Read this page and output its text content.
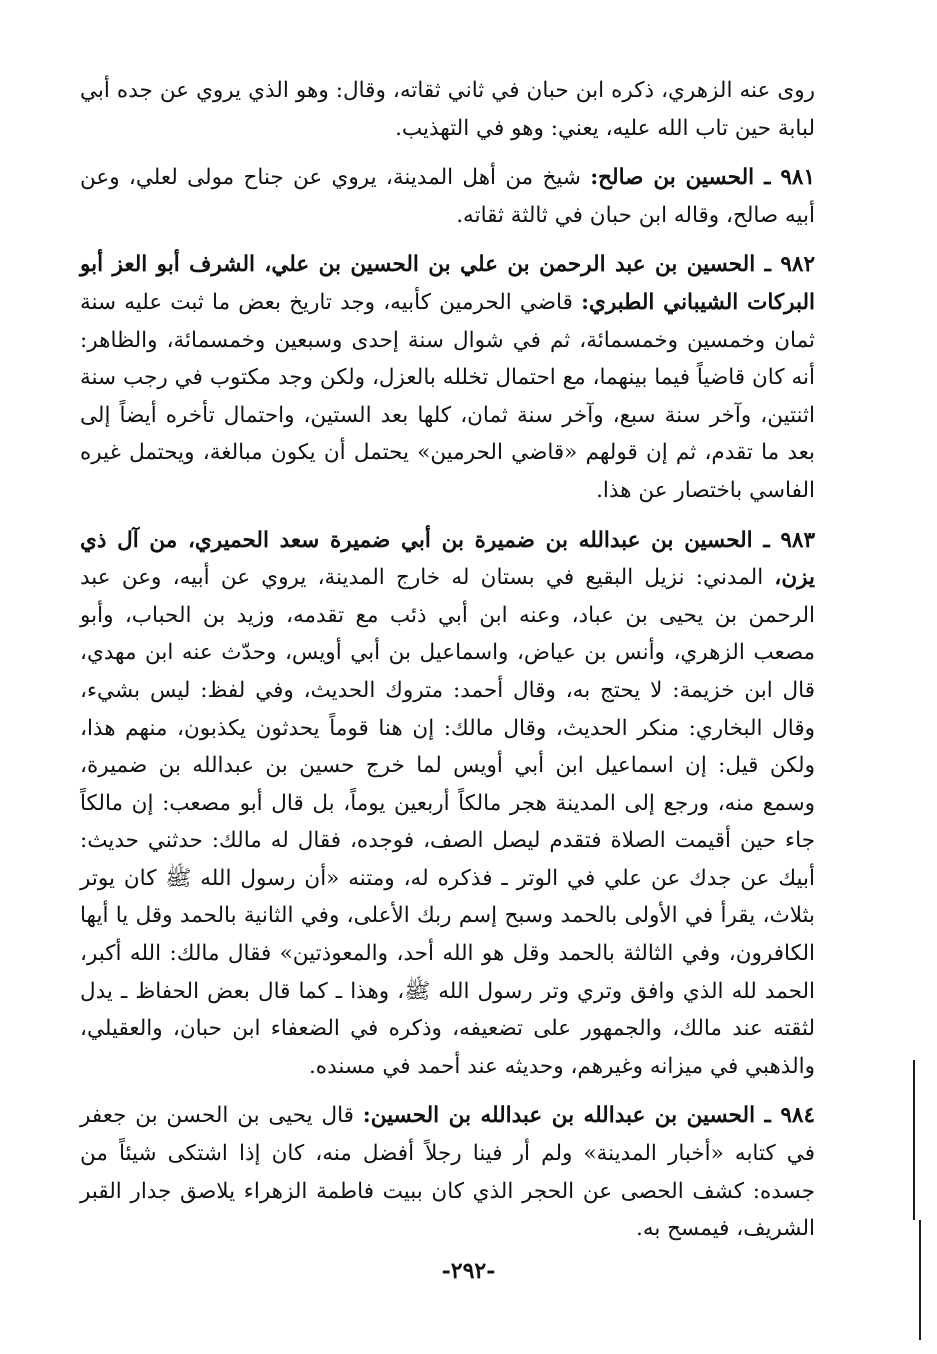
روى عنه الزهري، ذكره ابن حبان في ثاني ثقاته، وقال: وهو الذي يروي عن جده أبي لبابة حين تاب الله عليه، يعني: وهو في التهذيب.

٩٨١ ـ الحسين بن صالح: شيخ من أهل المدينة، يروي عن جناح مولى لعلي، وعن أبيه صالح، وقاله ابن حبان في ثالثة ثقاته.

٩٨٢ ـ الحسين بن عبد الرحمن بن علي بن الحسين بن علي، الشرف أبو العز أبو البركات الشيباني الطبري: قاضي الحرمين كأبيه، وجد تاريخ بعض ما ثبت عليه سنة ثمان وخمسين وخمسمائة، ثم في شوال سنة إحدى وسبعين وخمسمائة، والظاهر: أنه كان قاضياً فيما بينهما، مع احتمال تخلله بالعزل، ولكن وجد مكتوب في رجب سنة اثنتين، وآخر سنة سبع، وآخر سنة ثمان، كلها بعد الستين، واحتمال تأخره أيضاً إلى بعد ما تقدم، ثم إن قولهم «قاضي الحرمين» يحتمل أن يكون مبالغة، ويحتمل غيره الفاسي باختصار عن هذا.

٩٨٣ ـ الحسين بن عبدالله بن ضميرة بن أبي ضميرة سعد الحميري، من آل ذي يزن، المدني: نزيل البقيع في بستان له خارج المدينة، يروي عن أبيه، وعن عبد الرحمن بن يحيى بن عباد، وعنه ابن أبي ذئب مع تقدمه، وزيد بن الحباب، وأبو مصعب الزهري، وأنس بن عياض، واسماعيل بن أبي أويس، وحدّث عنه ابن مهدي، قال ابن خزيمة: لا يحتج به، وقال أحمد: متروك الحديث، وفي لفظ: ليس بشيء، وقال البخاري: منكر الحديث، وقال مالك: إن هنا قوماً يحدثون يكذبون، منهم هذا، ولكن قيل: إن اسماعيل ابن أبي أويس لما خرج حسين بن عبدالله بن ضميرة، وسمع منه، ورجع إلى المدينة هجر مالكاً أربعين يوماً، بل قال أبو مصعب: إن مالكاً جاء حين أقيمت الصلاة فتقدم ليصل الصف، فوجده، فقال له مالك: حدثني حديث: أبيك عن جدك عن علي في الوتر ـ فذكره له، ومتنه «أن رسول الله ﷺ كان يوتر بثلاث، يقرأ في الأولى بالحمد وسبح إسم ربك الأعلى، وفي الثانية بالحمد وقل يا أيها الكافرون، وفي الثالثة بالحمد وقل هو الله أحد، والمعوذتين» فقال مالك: الله أكبر، الحمد لله الذي وافق وتري وتر رسول الله ﷺ، وهذا ـ كما قال بعض الحفاظ ـ يدل لثقته عند مالك، والجمهور على تضعيفه، وذكره في الضعفاء ابن حبان، والعقيلي، والذهبي في ميزانه وغيرهم، وحديثه عند أحمد في مسنده.

٩٨٤ ـ الحسين بن عبدالله بن عبدالله بن الحسين: قال يحيى بن الحسن بن جعفر في كتابه «أخبار المدينة» ولم أر فينا رجلاً أفضل منه، كان إذا اشتكى شيئاً من جسده: كشف الحصى عن الحجر الذي كان ببيت فاطمة الزهراء يلاصق جدار القبر الشريف، فيمسح به.

-٢٩٢-
